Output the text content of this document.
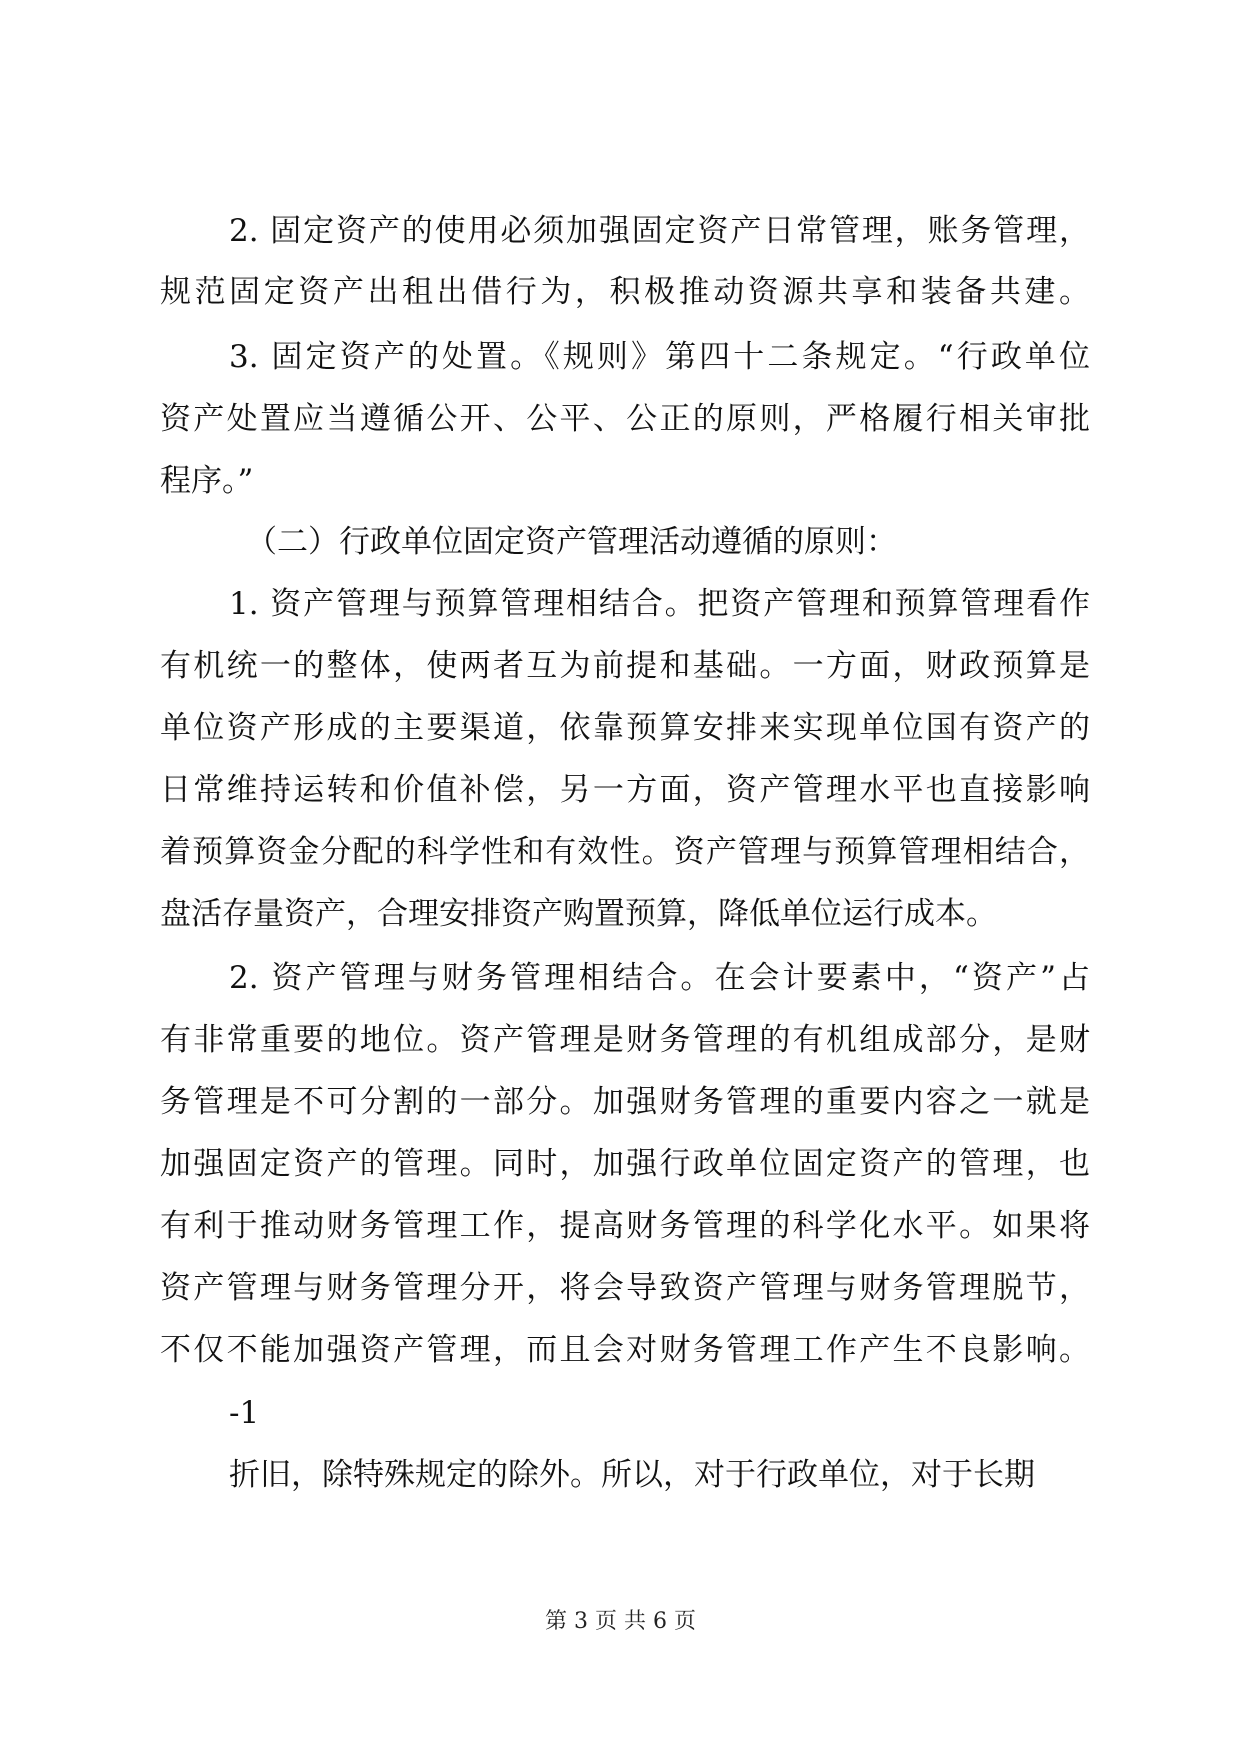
2. 固定资产的使用必须加强固定资产日常管理，账务管理，
规范固定资产出租出借行为，积极推动资源共享和装备共建。
3. 固定资产的处置。《规则》第四十二条规定。“行政单位
资产处置应当遵循公开、公平、公正的原则，严格履行相关审批
程序。”
（二）行政单位固定资产管理活动遵循的原则：
1. 资产管理与预算管理相结合。把资产管理和预算管理看作
有机统一的整体，使两者互为前提和基础。一方面，财政预算是
单位资产形成的主要渠道，依靠预算安排来实现单位国有资产的
日常维持运转和价值补偿，另一方面，资产管理水平也直接影响
着预算资金分配的科学性和有效性。资产管理与预算管理相结合，
盘活存量资产，合理安排资产购置预算，降低单位运行成本。
2. 资产管理与财务管理相结合。在会计要素中，“资产”占
有非常重要的地位。资产管理是财务管理的有机组成部分，是财
务管理是不可分割的一部分。加强财务管理的重要内容之一就是
加强固定资产的管理。同时，加强行政单位固定资产的管理，也
有利于推动财务管理工作，提高财务管理的科学化水平。如果将
资产管理与财务管理分开，将会导致资产管理与财务管理脱节，
不仅不能加强资产管理，而且会对财务管理工作产生不良影响。
-1
折旧，除特殊规定的除外。所以，对于行政单位，对于长期
第 3 页 共 6 页
